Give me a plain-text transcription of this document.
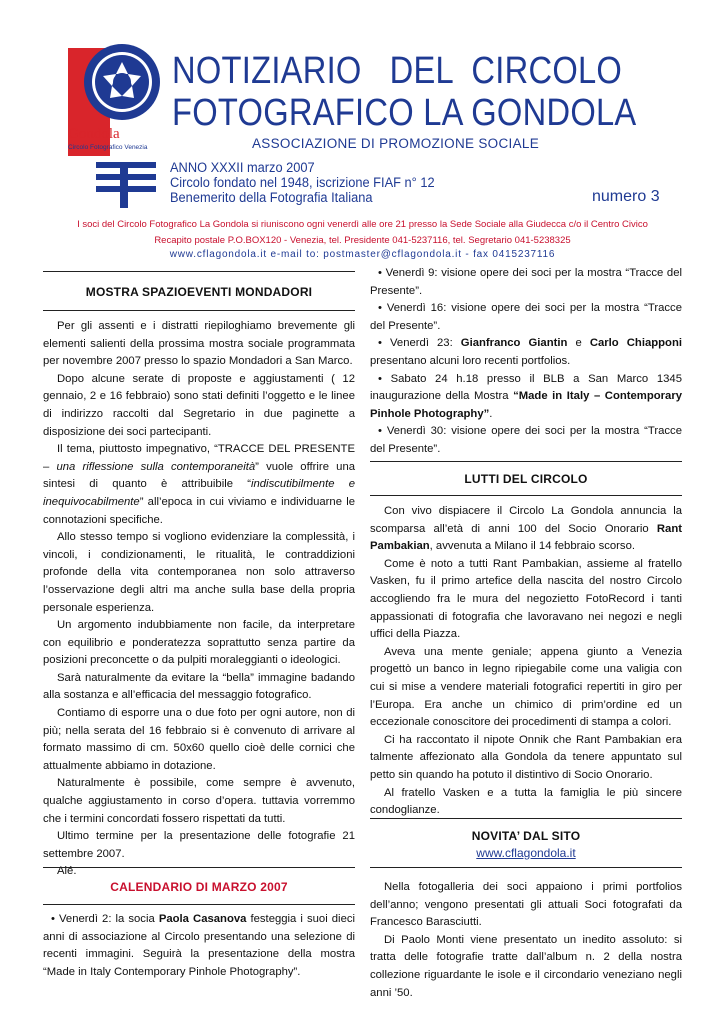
Gondola
Circolo Fotografico Venezia
NOTIZIARIO   DEL  CIRCOLO

FOTOGRAFICO LA GONDOLA
ASSOCIAZIONE DI PROMOZIONE SOCIALE
ANNO XXXII marzo 2007
Circolo fondato nel 1948, iscrizione FIAF n° 12
Benemerito della Fotografia Italiana	numero 3
I soci del Circolo Fotografico La Gondola si riuniscono ogni venerdì alle ore 21 presso la Sede Sociale alla Giudecca c/o il Centro Civico
Recapito postale P.O.BOX120 - Venezia, tel. Presidente 041-5237116, tel. Segretario 041-5238325
www.cflagondola.it e-mail to: postmaster@cflagondola.it - fax 0415237116
MOSTRA SPAZIOEVENTI MONDADORI

Per gli assenti e i distratti riepiloghiamo brevemente gli elementi salienti della prossima mostra sociale programmata per novembre 2007 presso lo spazio Mondadori a San Marco.

Dopo alcune serate di proposte e aggiustamenti ( 12 gennaio, 2 e 16 febbraio) sono stati definiti l’oggetto e le linee di indirizzo raccolti dal Segretario in due paginette a disposizione dei soci partecipanti.

Il tema, piuttosto impegnativo, “TRACCE DEL PRESENTE – una riflessione sulla contemporaneità” vuole offrire una sintesi di quanto è attribuibile “indiscutibilmente e inequivocabilmente” all’epoca in cui viviamo e individuarne le connotazioni specifiche.

Allo stesso tempo si vogliono evidenziare la complessità, i vincoli, i condizionamenti, le ritualità, le contraddizioni profonde della vita contemporanea non solo attraverso l’osservazione degli altri ma anche sulla base della propria personale esperienza.

Un argomento indubbiamente non facile, da interpretare con equilibrio e ponderatezza soprattutto senza partire da posizioni preconcette o da pulpiti moraleggianti o ideologici.

Sarà naturalmente da evitare la “bella” immagine badando alla sostanza e all’efficacia del messaggio fotografico.

Contiamo di esporre una o due foto per ogni autore, non di più; nella serata del 16 febbraio si è convenuto di arrivare al formato massimo di cm. 50x60 quello cioè delle cornici che attualmente abbiamo in dotazione.

Naturalmente è possibile, come sempre è avvenuto, qualche aggiustamento in corso d’opera. tuttavia vorremmo che i termini concordati fossero rispettati da tutti.

Ultimo termine per la presentazione delle fotografie 21 settembre 2007.

Alé.

CALENDARIO DI MARZO 2007

• Venerdì 2: la socia Paola Casanova festeggia i suoi dieci anni di associazione al Circolo presentando una selezione di recenti immagini. Seguirà la presentazione della mostra “Made in Italy Contemporary Pinhole Photography”.

• Venerdì 9: visione opere dei soci per la mostra “Tracce del Presente”.

• Venerdì 16: visione opere dei soci per la mostra “Tracce del Presente”.

• Venerdì 23: Gianfranco Giantin e Carlo Chiapponi presentano alcuni loro recenti portfolios.

• Sabato 24 h.18 presso il BLB a San Marco 1345 inaugurazione della Mostra “Made in Italy – Contemporary Pinhole Photography”.

• Venerdì 30: visione opere dei soci per la mostra “Tracce del Presente”.

LUTTI DEL CIRCOLO

Con vivo dispiacere il Circolo La Gondola annuncia la scomparsa all’età di anni 100 del Socio Onorario Rant Pambakian, avvenuta a Milano il 14 febbraio scorso.

Come è noto a tutti Rant Pambakian, assieme al fratello Vasken, fu il primo artefice della nascita del nostro Circolo accogliendo fra le mura del negozietto FotoRecord i tanti appassionati di fotografia che lavoravano nei negozi e negli uffici della Piazza.

Aveva una mente geniale; appena giunto a Venezia progettò un banco in legno ripiegabile come una valigia con cui si mise a vendere materiali fotografici repertiti in giro per l’Europa. Era anche un chimico di prim’ordine ed un eccezionale conoscitore dei procedimenti di stampa a colori.

Ci ha raccontato il nipote Onnik che Rant Pambakian era talmente affezionato alla Gondola da tenere appuntato sul petto sin quando ha potuto il distintivo di Socio Onorario.

Al fratello Vasken e a tutta la famiglia le più sincere condoglianze.

NOVITA’ DAL SITO
www.cflagondola.it

Nella fotogalleria dei soci appaiono i primi portfolios dell’anno; vengono presentati gli attuali Soci fotografati da Francesco Barasciutti.

Di Paolo Monti viene presentato un inedito assoluto: si tratta delle fotografie tratte dall’album n. 2 della nostra collezione riguardante le isole e il circondario veneziano negli anni ’50.
